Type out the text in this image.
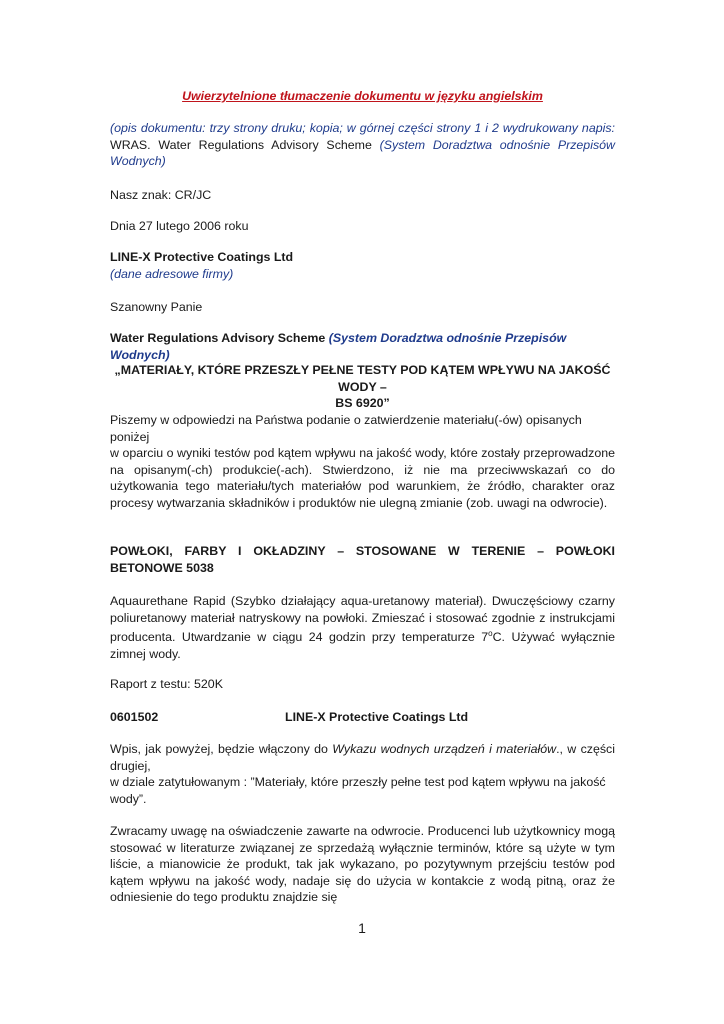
Uwierzytelnione tłumaczenie dokumentu w języku angielskim
(opis dokumentu: trzy strony druku; kopia; w górnej części strony 1 i 2 wydrukowany napis: WRAS. Water Regulations Advisory Scheme (System Doradztwa odnośnie Przepisów Wodnych)
Nasz znak: CR/JC
Dnia 27 lutego 2006 roku

LINE-X Protective Coatings Ltd

(dane adresowe firmy)

Szanowny Panie
Water Regulations Advisory Scheme (System Doradztwa odnośnie Przepisów Wodnych)

„MATERIAŁY, KTÓRE PRZESZŁY PEŁNE TESTY POD KĄTEM WPŁYWU NA JAKOŚĆ WODY –

BS 6920”

Piszemy w odpowiedzi na Państwa podanie o zatwierdzenie materiału(-ów) opisanych poniżej

w oparciu o wyniki testów pod kątem wpływu na jakość wody, które zostały przeprowadzone na opisanym(-ch) produkcie(-ach). Stwierdzono, iż nie ma przeciwwskazań co do użytkowania tego materiału/tych materiałów pod warunkiem, że źródło, charakter oraz procesy wytwarzania składników i produktów nie ulegną zmianie (zob. uwagi na odwrocie).

POWŁOKI, FARBY I OKŁADZINY – STOSOWANE W TERENIE – POWŁOKI BETONOWE 5038
Aquaurethane Rapid (Szybko działający aqua-uretanowy materiał). Dwuczęściowy czarny poliuretanowy materiał natryskowy na powłoki. Zmieszać i stosować zgodnie z instrukcjami producenta. Utwardzanie w ciągu 24 godzin przy temperaturze 7$^o$C. Używać wyłącznie zimnej wody.
Raport z testu: 520K
0601502	LINE-X Protective Coatings Ltd

Wpis, jak powyżej, będzie włączony do Wykazu wodnych urządzeń i materiałów., w części drugiej,

w dziale zatytułowanym : ”Materiały, które przeszły pełne test pod kątem wpływu na jakość wody”.

Zwracamy uwagę na oświadczenie zawarte na odwrocie. Producenci lub użytkownicy mogą stosować w literaturze związanej ze sprzedażą wyłącznie terminów, które są użyte w tym liście, a mianowicie że produkt, tak jak wykazano, po pozytywnym przejściu testów pod kątem wpływu na jakość wody, nadaje się do użycia w kontakcie z wodą pitną, oraz że odniesienie do tego produktu znajdzie się
1
